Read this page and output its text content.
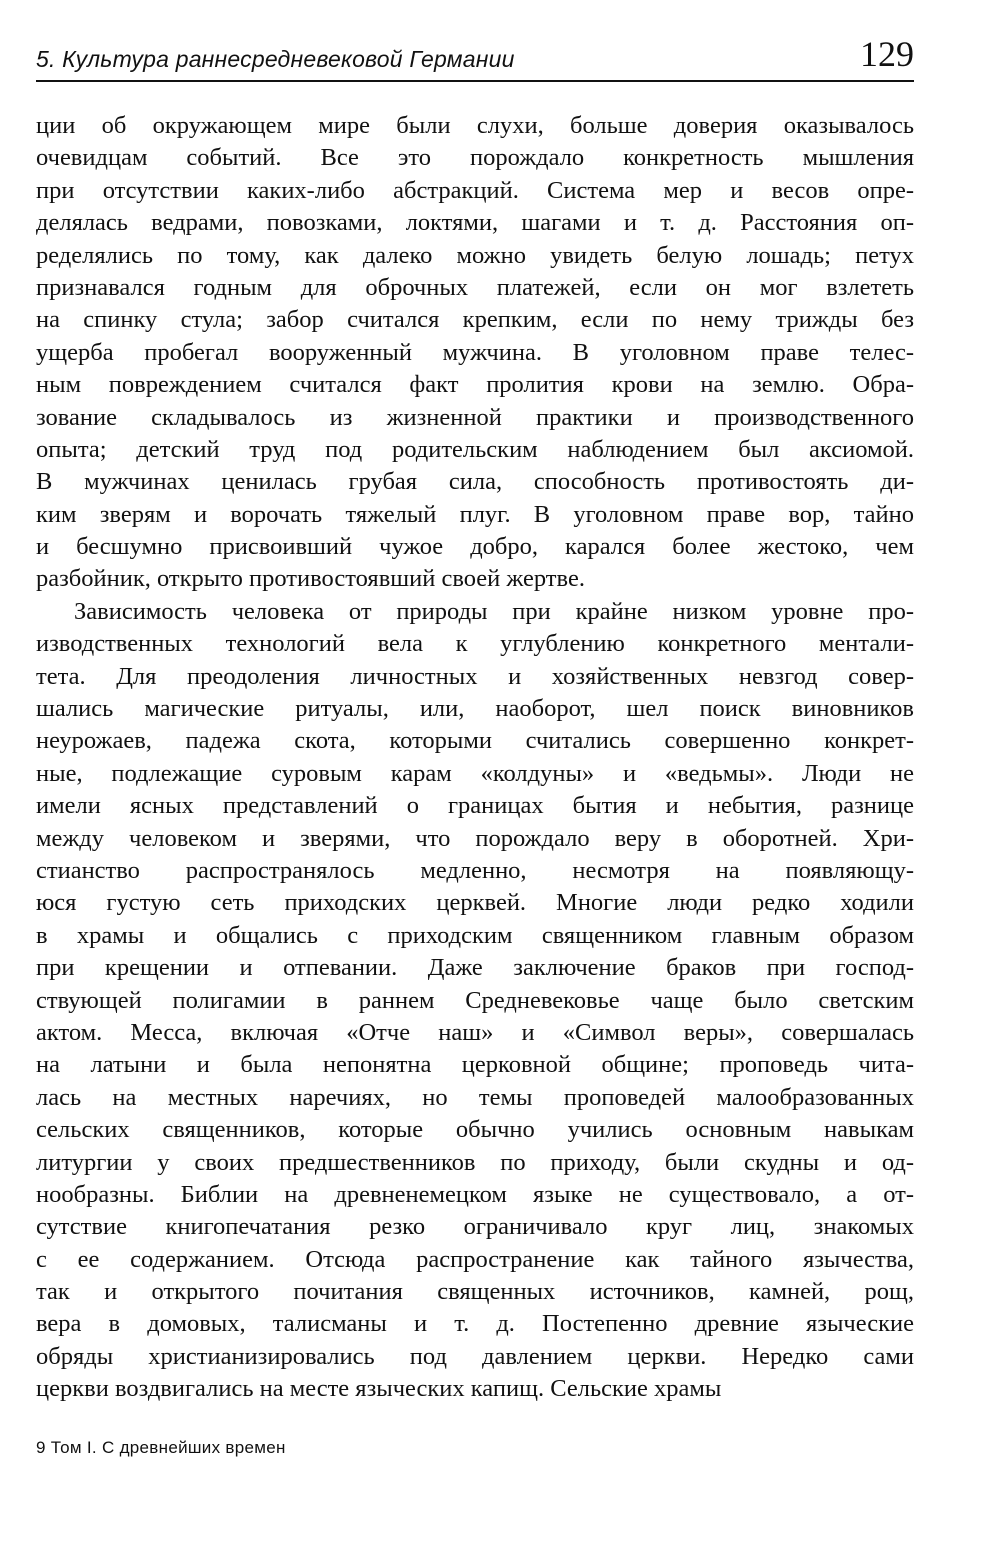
5. Культура раннесредневековой Германии	129
ции об окружающем мире были слухи, больше доверия оказывалось
очевидцам событий. Все это порождало конкретность мышления
при отсутствии каких-либо абстракций. Система мер и весов опре-
делялась ведрами, повозками, локтями, шагами и т. д. Расстояния оп-
ределялись по тому, как далеко можно увидеть белую лошадь; петух
признавался годным для оброчных платежей, если он мог взлететь
на спинку стула; забор считался крепким, если по нему трижды без
ущерба пробегал вооруженный мужчина. В уголовном праве телес-
ным повреждением считался факт пролития крови на землю. Обра-
зование складывалось из жизненной практики и производственного
опыта; детский труд под родительским наблюдением был аксиомой.
В мужчинах ценилась грубая сила, способность противостоять ди-
ким зверям и ворочать тяжелый плуг. В уголовном праве вор, тайно
и бесшумно присвоивший чужое добро, карался более жестоко, чем
разбойник, открыто противостоявший своей жертве.
Зависимость человека от природы при крайне низком уровне про-
изводственных технологий вела к углублению конкретного ментали-
тета. Для преодоления личностных и хозяйственных невзгод совер-
шались магические ритуалы, или, наоборот, шел поиск виновников
неурожаев, падежа скота, которыми считались совершенно конкрет-
ные, подлежащие суровым карам «колдуны» и «ведьмы». Люди не
имели ясных представлений о границах бытия и небытия, разнице
между человеком и зверями, что порождало веру в оборотней. Хри-
стианство распространялось медленно, несмотря на появляющу-
юся густую сеть приходских церквей. Многие люди редко ходили
в храмы и общались с приходским священником главным образом
при крещении и отпевании. Даже заключение браков при господ-
ствующей полигамии в раннем Средневековье чаще было светским
актом. Месса, включая «Отче наш» и «Символ веры», совершалась
на латыни и была непонятна церковной общине; проповедь чита-
лась на местных наречиях, но темы проповедей малообразованных
сельских священников, которые обычно учились основным навыкам
литургии у своих предшественников по приходу, были скудны и од-
нообразны. Библии на древненемецком языке не существовало, а от-
сутствие книгопечатания резко ограничивало круг лиц, знакомых
с ее содержанием. Отсюда распространение как тайного язычества,
так и открытого почитания священных источников, камней, рощ,
вера в домовых, талисманы и т. д. Постепенно древние языческие
обряды христианизировались под давлением церкви. Нередко сами
церкви воздвигались на месте языческих капищ. Сельские храмы
9 Том I. С древнейших времен
